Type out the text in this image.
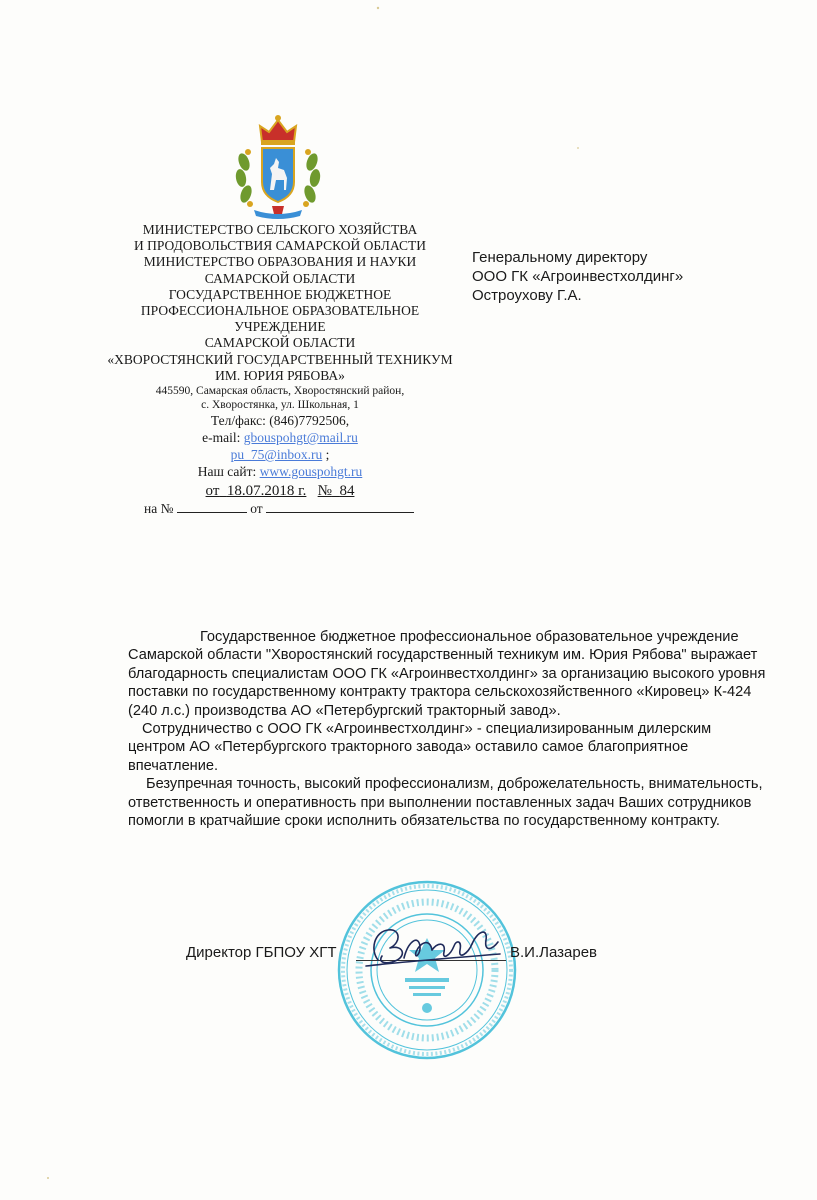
МИНИСТЕРСТВО СЕЛЬСКОГО ХОЗЯЙСТВА
И ПРОДОВОЛЬСТВИЯ САМАРСКОЙ ОБЛАСТИ
МИНИСТЕРСТВО ОБРАЗОВАНИЯ И НАУКИ
САМАРСКОЙ ОБЛАСТИ
ГОСУДАРСТВЕННОЕ БЮДЖЕТНОЕ
ПРОФЕССИОНАЛЬНОЕ ОБРАЗОВАТЕЛЬНОЕ
УЧРЕЖДЕНИЕ
САМАРСКОЙ ОБЛАСТИ
«ХВОРОСТЯНСКИЙ ГОСУДАРСТВЕННЫЙ ТЕХНИКУМ
ИМ. ЮРИЯ РЯБОВА»
445590, Самарская область, Хворостянский район,
с. Хворостянка, ул. Школьная, 1
Тел/факс: (846)7792506,
e-mail: gbouspohgt@mail.ru
pu_75@inbox.ru ;
Наш сайт: www.gouspohgt.ru
от 18.07.2018 г. № 84
на №	от
Генеральному директору
ООО ГК «Агроинвестхолдинг»
Остроухову Г.А.

Государственное бюджетное профессиональное образовательное учреждение Самарской области "Хворостянский государственный техникум им. Юрия Рябова" выражает благодарность специалистам ООО ГК «Агроинвестхолдинг» за организацию высокого уровня поставки по государственному контракту трактора сельскохозяйственного «Кировец» К-424 (240 л.с.) производства АО «Петербургский тракторный завод».

Сотрудничество с ООО ГК «Агроинвестхолдинг» - специализированным дилерским центром АО «Петербургского тракторного завода» оставило самое благоприятное впечатление.

Безупречная точность, высокий профессионализм, доброжелательность, внимательность, ответственность и оперативность при выполнении поставленных задач Ваших сотрудников помогли в кратчайшие сроки исполнить обязательства по государственному контракту.

Директор ГБПОУ ХГТ	В.И.Лазарев
